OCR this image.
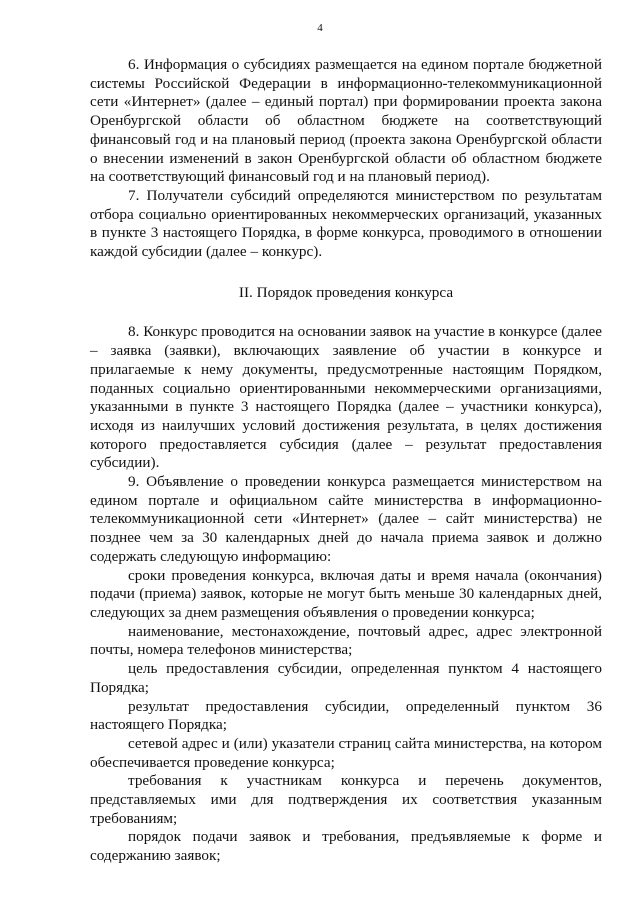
4

6. Информация о субсидиях размещается на едином портале бюджетной системы Российской Федерации в информационно-телекоммуникационной сети «Интернет» (далее – единый портал) при формировании проекта закона Оренбургской области об областном бюджете на соответствующий финансовый год и на плановый период (проекта закона Оренбургской области о внесении изменений в закон Оренбургской области об областном бюджете на соответствующий финансовый год и на плановый период).

7. Получатели субсидий определяются министерством по результатам отбора социально ориентированных некоммерческих организаций, указанных в пункте 3 настоящего Порядка, в форме конкурса, проводимого в отношении каждой субсидии (далее – конкурс).

II. Порядок проведения конкурса

8. Конкурс проводится на основании заявок на участие в конкурсе (далее – заявка (заявки), включающих заявление об участии в конкурсе и прилагаемые к нему документы, предусмотренные настоящим Порядком, поданных социально ориентированными некоммерческими организациями, указанными в пункте 3 настоящего Порядка (далее – участники конкурса), исходя из наилучших условий достижения результата, в целях достижения которого предоставляется субсидия (далее – результат предоставления субсидии).

9. Объявление о проведении конкурса размещается министерством на едином портале и официальном сайте министерства в информационно-телекоммуникационной сети «Интернет» (далее – сайт министерства) не позднее чем за 30 календарных дней до начала приема заявок и должно содержать следующую информацию:

сроки проведения конкурса, включая даты и время начала (окончания) подачи (приема) заявок, которые не могут быть меньше 30 календарных дней, следующих за днем размещения объявления о проведении конкурса;

наименование, местонахождение, почтовый адрес, адрес электронной почты, номера телефонов министерства;

цель предоставления субсидии, определенная пунктом 4 настоящего Порядка;

результат предоставления субсидии, определенный пунктом 36 настоящего Порядка;

сетевой адрес и (или) указатели страниц сайта министерства, на котором обеспечивается проведение конкурса;

требования к участникам конкурса и перечень документов, представляемых ими для подтверждения их соответствия указанным требованиям;

порядок подачи заявок и требования, предъявляемые к форме и содержанию заявок;
